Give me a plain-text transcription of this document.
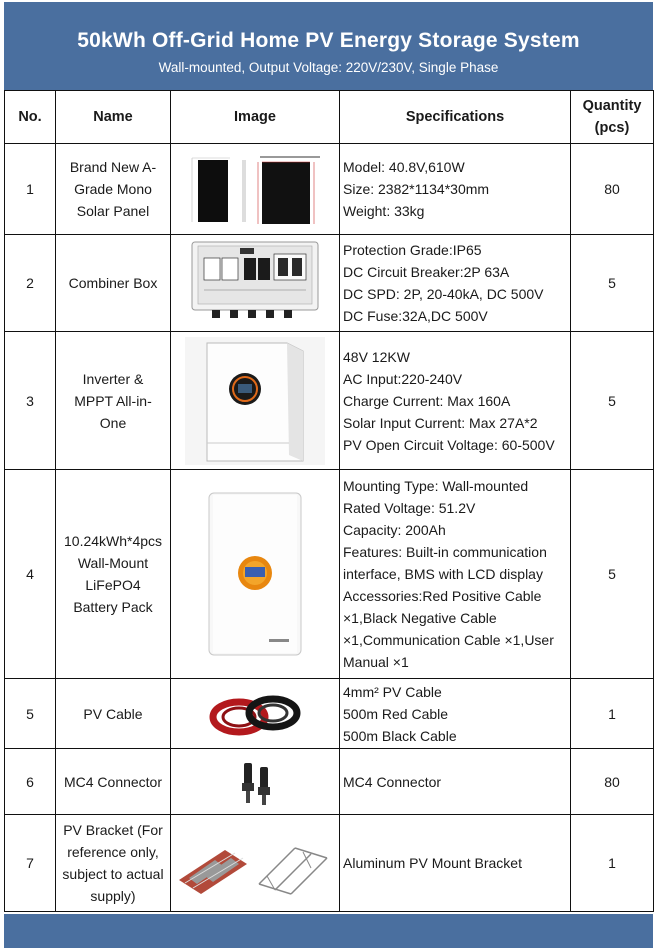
50kWh Off-Grid Home PV Energy Storage System
Wall-mounted, Output Voltage: 220V/230V, Single Phase
No.	Name	Image	Specifications	Quantity (pcs)
1	Brand New A-Grade Mono Solar Panel		Model: 40.8V,610W
Size: 2382*1134*30mm
Weight: 33kg	80
2	Combiner Box		Protection Grade:IP65
DC Circuit Breaker:2P 63A
DC SPD: 2P, 20-40kA, DC 500V
DC Fuse:32A,DC 500V	5
3	Inverter & MPPT All-in-One		48V 12KW
AC Input:220-240V
Charge Current: Max 160A
Solar Input Current: Max 27A*2
PV Open Circuit Voltage: 60-500V	5
4	10.24kWh*4pcs Wall-Mount LiFePO4 Battery Pack		Mounting Type: Wall-mounted
Rated Voltage: 51.2V
Capacity: 200Ah
Features: Built-in communication interface, BMS with LCD display
Accessories:Red Positive Cable ×1,Black Negative Cable ×1,Communication Cable ×1,User Manual ×1	5
5	PV Cable		4mm² PV Cable
500m Red Cable
500m Black Cable	1
6	MC4 Connector		MC4 Connector	80
7	PV Bracket (For reference only, subject to actual supply)		Aluminum PV Mount Bracket	1
